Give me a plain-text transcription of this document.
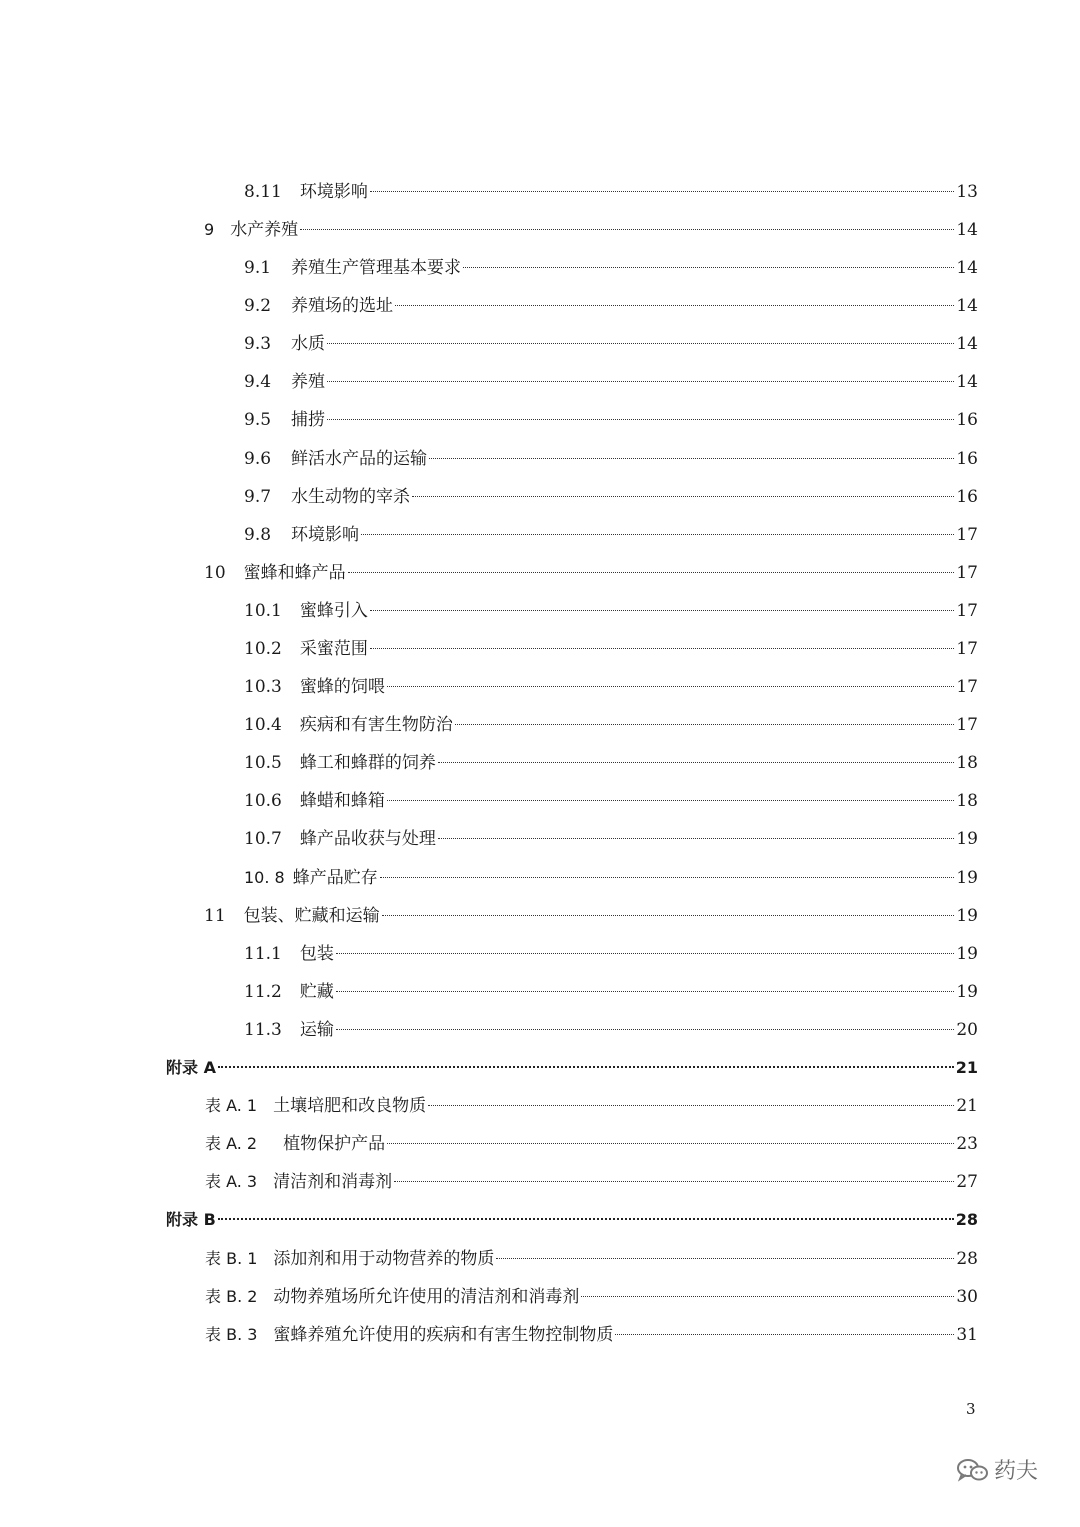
8.11 环境影响	13
9 水产养殖	14
9.1 养殖生产管理基本要求	14
9.2 养殖场的选址	14
9.3 水质	14
9.4 养殖	14
9.5 捕捞	16
9.6 鲜活水产品的运输	16
9.7 水生动物的宰杀	16
9.8 环境影响	17
10 蜜蜂和蜂产品	17
10.1 蜜蜂引入	17
10.2 采蜜范围	17
10.3 蜜蜂的饲喂	17
10.4 疾病和有害生物防治	17
10.5 蜂工和蜂群的饲养	18
10.6 蜂蜡和蜂箱	18
10.7 蜂产品收获与处理	19
10. 8 蜂产品贮存	19
11 包装、贮藏和运输	19
11.1 包装	19
11.2 贮藏	19
11.3 运输	20
附录 A	21
表 A. 1 土壤培肥和改良物质	21
表 A. 2 植物保护产品	23
表 A. 3 清洁剂和消毒剂	27
附录 B	28
表 B. 1 添加剂和用于动物营养的物质	28
表 B. 2 动物养殖场所允许使用的清洁剂和消毒剂	30
表 B. 3 蜜蜂养殖允许使用的疾病和有害生物控制物质	31
3
药夫
